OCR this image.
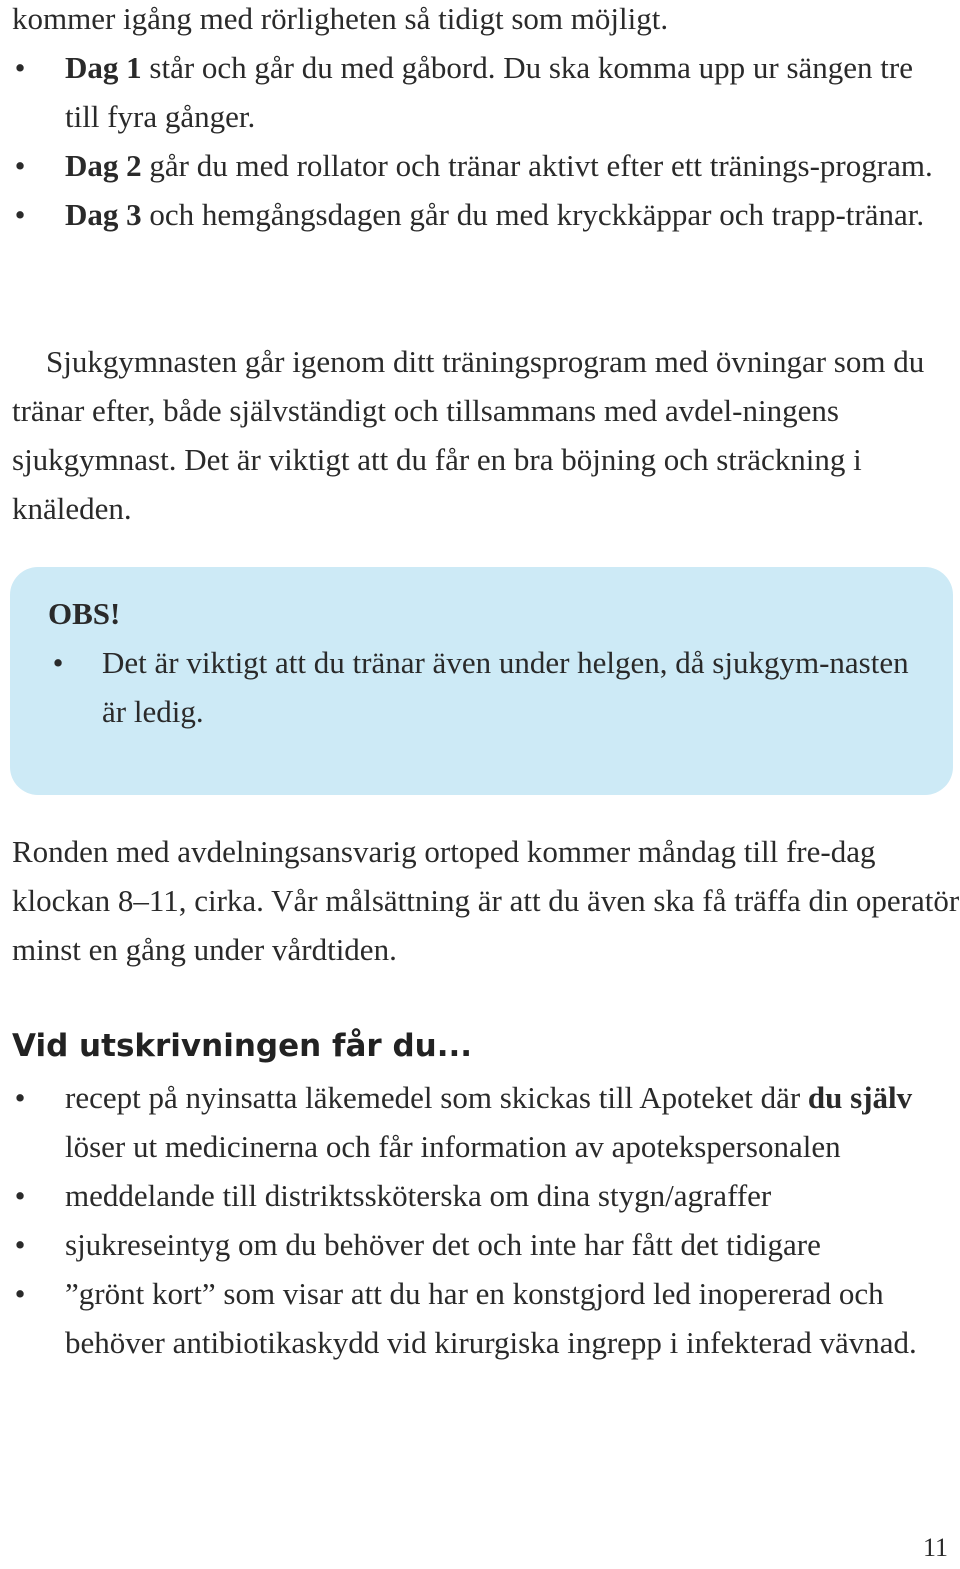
kommer igång med rörligheten så tidigt som möjligt.

• Dag 1 står och går du med gåbord. Du ska komma upp ur sängen tre till fyra gånger.
• Dag 2 går du med rollator och tränar aktivt efter ett tränings-program.
• Dag 3 och hemgångsdagen går du med kryckkäppar och trapp-tränar.

Sjukgymnasten går igenom ditt träningsprogram med övningar som du tränar efter, både självständigt och tillsammans med avdel-ningens sjukgymnast. Det är viktigt att du får en bra böjning och sträckning i knäleden.

OBS!
• Det är viktigt att du tränar även under helgen, då sjukgym-nasten är ledig.

Ronden med avdelningsansvarig ortoped kommer måndag till fre-dag klockan 8–11, cirka. Vår målsättning är att du även ska få träffa din operatör minst en gång under vårdtiden.

Vid utskrivningen får du...
• recept på nyinsatta läkemedel som skickas till Apoteket där du själv  löser ut medicinerna och får information av apotekspersonalen
• meddelande till distriktssköterska om dina stygn/agraffer
• sjukreseintyg om du behöver det och inte har fått det tidigare
• ”grönt kort” som visar att du har en konstgjord led inopererad och behöver antibiotikaskydd vid kirurgiska ingrepp i infekterad vävnad.
11
